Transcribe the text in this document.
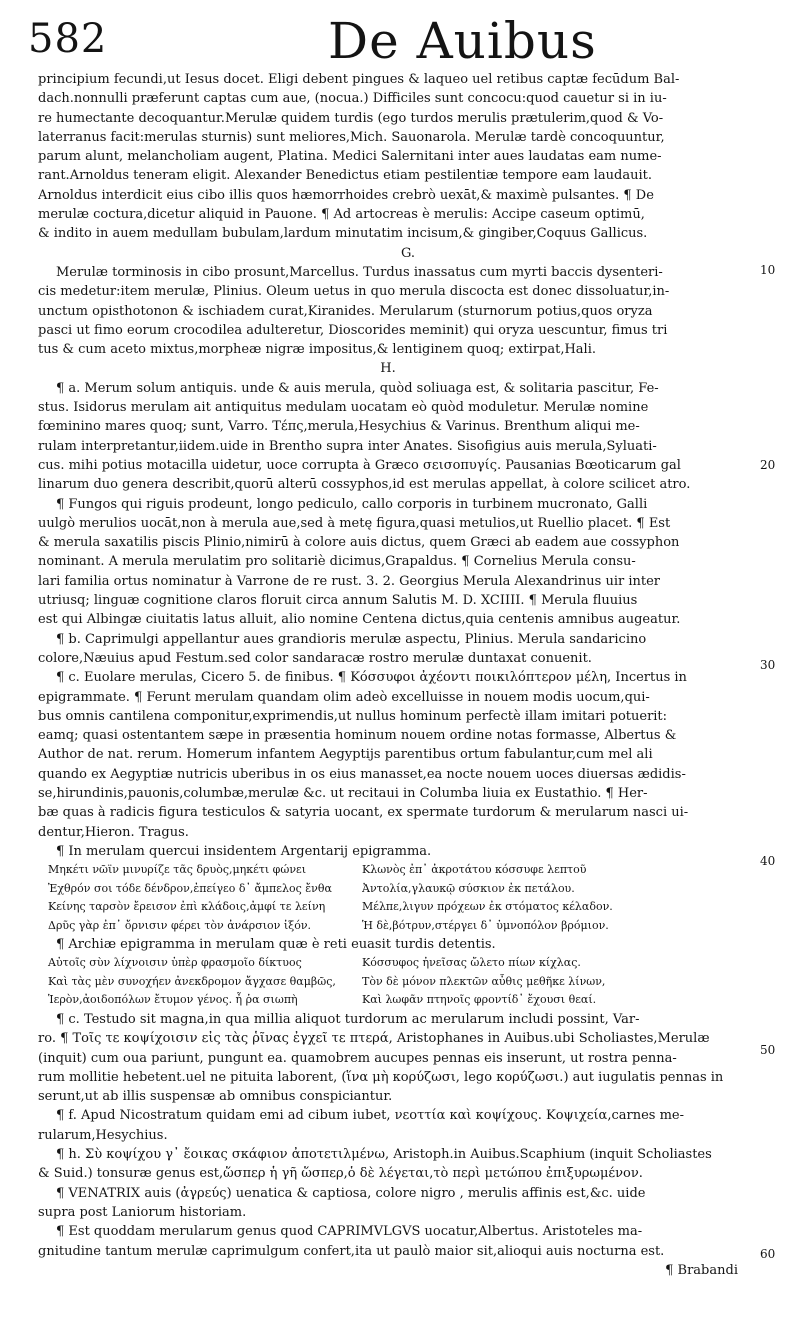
582	De Auibus
principium fecundi,ut Iesus docet. Eligi debent pingues & laqueo uel retibus captæ fecūdum Bal-
dach.nonnulli præferunt captas cum aue, (nocua.) Difficiles sunt concocu:quod cauetur si in iu-
re humectante decoquantur.Merulæ quidem turdis (ego turdos merulis prætulerim,quod & Vo-
laterranus facit:merulas sturnis) sunt meliores,Mich. Sauonarola. Merulæ tardè concoquuntur,
parum alunt, melancholiam augent, Platina. Medici Salernitani inter aues laudatas eam nume-
rant.Arnoldus teneram eligit. Alexander Benedictus etiam pestilentiæ tempore eam laudauit.
Arnoldus interdicit eius cibo illis quos hæmorrhoides crebrò uexāt,& maximè pulsantes. ¶ De
merulæ coctura,dicetur aliquid in Pauone. ¶ Ad artocreas è merulis: Accipe caseum optimū,
& indito in auem medullam bubulam,lardum minutatim incisum,& gingiber,Coquus Gallicus.
G.
Merulæ torminosis in cibo prosunt,Marcellus. Turdus inassatus cum myrti baccis dysenteri-
cis medetur:item merulæ, Plinius. Oleum uetus in quo merula discocta est donec dissoluatur,in-
unctum opisthotonon & ischiadem curat,Kiranides. Merularum (sturnorum potius,quos oryza
pasci ut fimo eorum crocodilea adulteretur, Dioscorides meminit) qui oryza uescuntur, fimus tri
tus & cum aceto mixtus,morpheæ nigræ impositus,& lentiginem quoq; extirpat,Hali.
H.
¶ a. Merum solum antiquis. unde & auis merula, quòd soliuaga est, & solitaria pascitur, Fe-
stus. Isidorus merulam ait antiquitus medulam uocatam eò quòd moduletur. Merulæ nomine
fœminino mares quoq; sunt, Varro. Τέπς,merula,Hesychius & Varinus. Brenthum aliqui me-
rulam interpretantur,iidem.uide in Brentho supra inter Anates. Sisofigius auis merula,Syluati-
cus. mihi potius motacilla uidetur, uoce corrupta à Græco σεισοπυγίς. Pausanias Bœoticarum gal
linarum duo genera describit,quorū alterū cossyphos,id est merulas appellat, à colore scilicet atro.
¶ Fungos qui riguis prodeunt, longo pediculo, callo corporis in turbinem mucronato, Galli
uulgò merulios uocāt,non à merula aue,sed à metę figura,quasi metulios,ut Ruellio placet. ¶ Est
& merula saxatilis piscis Plinio,nimirū à colore auis dictus, quem Græci ab eadem aue cossyphon
nominant. A merula merulatim pro solitariè dicimus,Grapaldus. ¶ Cornelius Merula consu-
lari familia ortus nominatur à Varrone de re rust. 3. 2. Georgius Merula Alexandrinus uir inter
utriusq; linguæ cognitione claros floruit circa annum Salutis M. D. XCIIII. ¶ Merula fluuius
est qui Albingæ ciuitatis latus alluit, alio nomine Centena dictus,quia centenis amnibus augeatur.
¶ b. Caprimulgi appellantur aues grandioris merulæ aspectu, Plinius. Merula sandaricino
colore,Næuius apud Festum.sed color sandaracæ rostro merulæ duntaxat conuenit.
¶ c. Euolare merulas, Cicero 5. de finibus. ¶ Κόσσυφοι ἀχέοντι ποικιλόπτερον μέλη, Incertus in
epigrammate. ¶ Ferunt merulam quandam olim adeò excelluisse in nouem modis uocum,qui-
bus omnis cantilena componitur,exprimendis,ut nullus hominum perfectè illam imitari potuerit:
eamq; quasi ostentantem sæpe in præsentia hominum nouem ordine notas formasse, Albertus &
Author de nat. rerum. Homerum infantem Aegyptijs parentibus ortum fabulantur,cum mel ali
quando ex Aegyptiæ nutricis uberibus in os eius manasset,ea nocte nouem uoces diuersas ædidis-
se,hirundinis,pauonis,columbæ,merulæ &c. ut recitaui in Columba liuia ex Eustathio. ¶ Her-
bæ quas à radicis figura testiculos & satyria uocant, ex spermate turdorum & merularum nasci ui-
dentur,Hieron. Tragus.
¶ In merulam quercui insidentem Argentarij epigramma.
Μηκέτι νῶϊν μινυρίζε τᾶς δρυὸς,μηκέτι φώνει	Κλωνὸς ἐπ᾽ ἀκροτάτου κόσσυφε λεπτοῦ
Ἐχθρόν σοι τόδε δένδρον,ἐπείγεο δ᾽ ἄμπελος ἔνθα	Ἀντολία,γλαυκῷ σύσκιον ἐκ πετάλου.
Κείνης ταρσὸν ἔρεισον ἐπὶ κλάδοις,ἀμφί τε λείνη	Μέλπε,λιγυν πρόχεων ἐκ στόματος κέλαδον.
Δρῦς γὰρ ἐπ᾽ ὄρνισιν φέρει τὸν ἀνάρσιον ἰξόν.	Ἡ δὲ,βότρυν,στέργει δ᾽ ὑμνοπόλον βρόμιον.
¶ Archiæ epigramma in merulam quæ è reti euasit turdis detentis.
Αὐτοῖς σὺν λίχνοισιν ὑπὲρ φρασμοῖο δίκτυος	Κόσσυφος ἠνεῖσας ὤλετο πίων κίχλας.
Καὶ τὰς μὲν συνοχήεν ἀνεκδρομον ἄγχασε θαμβῶς, Τὸν δὲ μόνον πλεκτῶν αὖθις μεθῆκε λίνων,
Ἱερὸν,ἀοιδοπόλων ἔτυμον γένος. ἦ ῥα σιωπὴ	Καὶ λωφᾶν πτηνοῖς φροντίδ᾽ ἔχουσι θεαί.
¶ c. Testudo sit magna,in qua millia aliquot turdorum ac merularum includi possint, Var-
ro. ¶ Τοῖς τε κοψίχοισιν εἰς τὰς ῥῖνας ἐγχεῖ τε πτερά, Aristophanes in Auibus.ubi Scholiastes,Merulæ
(inquit) cum oua pariunt, pungunt ea. quamobrem aucupes pennas eis inserunt, ut rostra penna-
rum mollitie hebetent.uel ne pituita laborent, (ἵνα μὴ κορύζωσι, lego κορύζωσι.) aut iugulatis pennas in
serunt,ut ab illis suspensæ ab omnibus conspiciantur.
¶ f. Apud Nicostratum quidam emi ad cibum iubet, νεοττία καὶ κοψίχους. Κοψιχεία,carnes me-
rularum,Hesychius.
¶ h. Σὺ κοψίχου γ᾽ ἔοικας σκάφιον ἀποτετιλμένω, Aristoph.in Auibus.Scaphium (inquit Scholiastes
& Suid.) tonsuræ genus est,ὥσπερ ἡ γῆ ὥσπερ,ὁ δὲ λέγεται,τὸ περὶ μετώπου ἐπιξυρωμένον.
¶ VENATRIX auis (ἀγρεύς) uenatica & captiosa, colore nigro , merulis affinis est,&c. uide
supra post Laniorum historiam.
¶ Est quoddam merularum genus quod CAPRIMVLGVS uocatur,Albertus. Aristoteles ma-
gnitudine tantum merulæ caprimulgum confert,ita ut paulò maior sit,alioqui auis nocturna est.
¶ Brabandi
10
20
30
40
50
60
